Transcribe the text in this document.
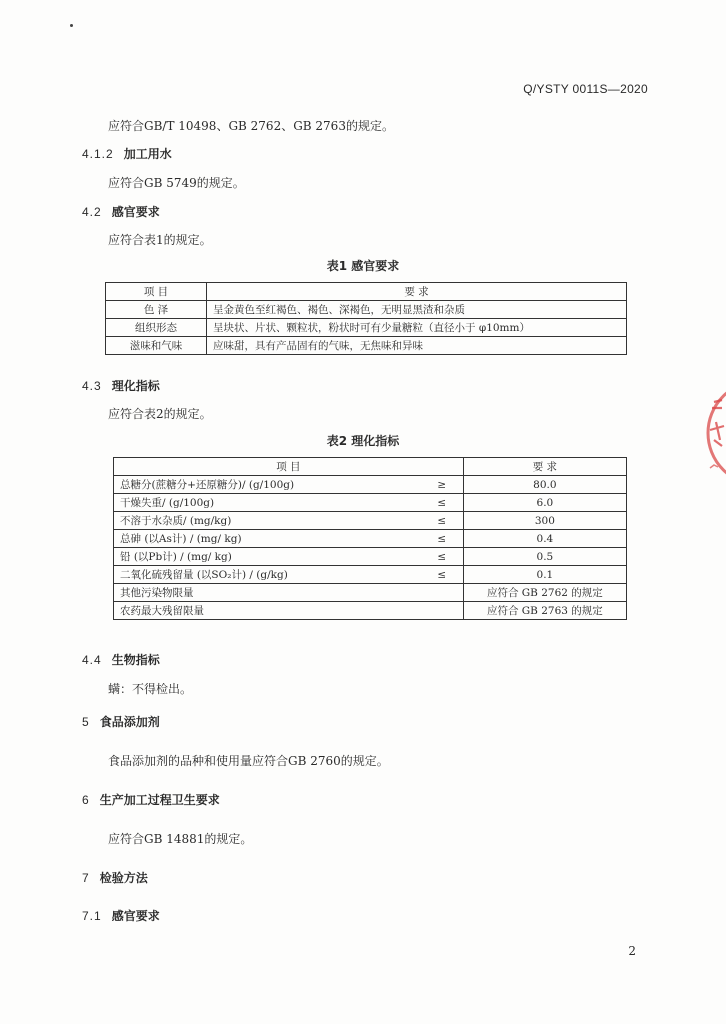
Q/YSTY 0011S—2020
应符合GB/T 10498、GB 2762、GB 2763的规定。
4.1.2 加工用水
应符合GB 5749的规定。
4.2 感官要求
应符合表1的规定。
表1 感官要求
项 目	要 求
色 泽	呈金黄色至红褐色、褐色、深褐色，无明显黑渣和杂质
组织形态	呈块状、片状、颗粒状，粉状时可有少量糖粒（直径小于 φ10mm）
滋味和气味	应味甜，具有产品固有的气味，无焦味和异味
4.3 理化指标
应符合表2的规定。
表2 理化指标
项 目		要 求
总糖分(蔗糖分+还原糖分)/ (g/100g)	≥	80.0
干燥失重/ (g/100g)	≤	6.0
不溶于水杂质/ (mg/kg)	≤	300
总砷 (以As计) / (mg/ kg)	≤	0.4
铅 (以Pb计) / (mg/ kg)	≤	0.5
二氧化硫残留量 (以SO₂计) / (g/kg)	≤	0.1
其他污染物限量		应符合 GB 2762 的规定
农药最大残留限量		应符合 GB 2763 的规定
4.4 生物指标
螨：不得检出。
5 食品添加剂
食品添加剂的品种和使用量应符合GB 2760的规定。
6 生产加工过程卫生要求
应符合GB 14881的规定。
7 检验方法
7.1 感官要求
2
